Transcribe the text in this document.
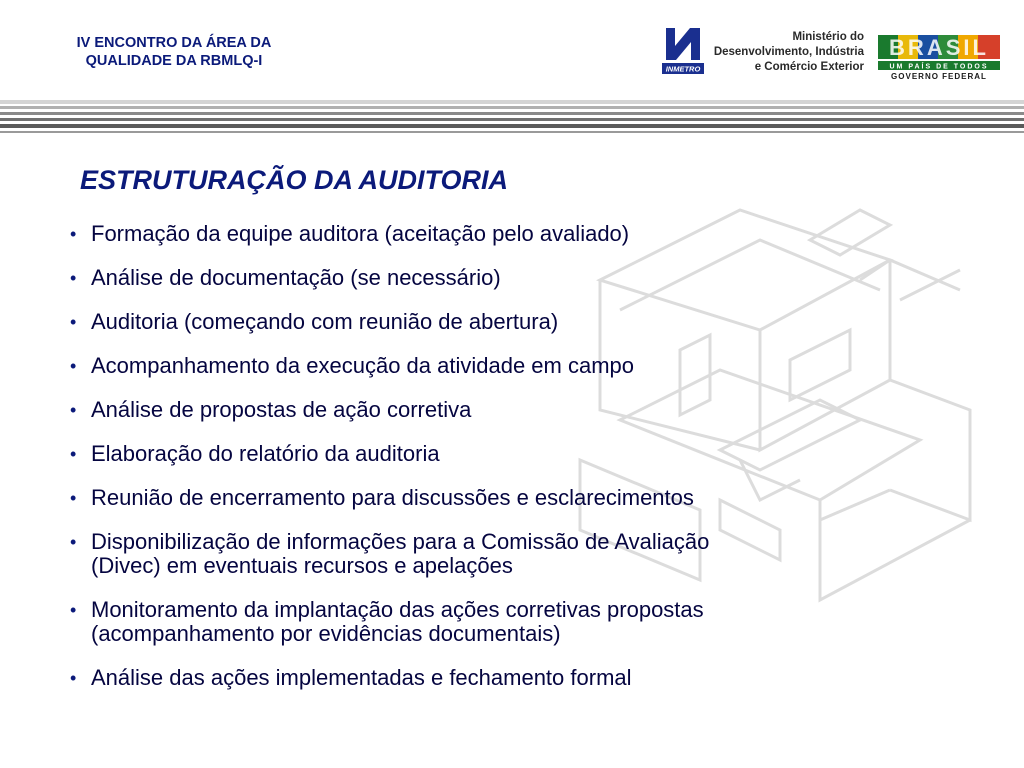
IV ENCONTRO DA ÁREA DA
QUALIDADE DA RBMLQ-I	INMETRO
Ministério do
Desenvolvimento, Indústria
e Comércio Exterior
BRASIL
UM PAÍS DE TODOS
GOVERNO FEDERAL
ESTRUTURAÇÃO DA AUDITORIA
• Formação da equipe auditora (aceitação pelo avaliado)
• Análise de documentação (se necessário)
• Auditoria (começando com reunião de abertura)
• Acompanhamento da execução da atividade em campo
• Análise de propostas de ação corretiva
• Elaboração do relatório da auditoria
• Reunião de encerramento para discussões e esclarecimentos
• Disponibilização de informações para a Comissão de Avaliação
(Divec) em eventuais recursos e apelações
• Monitoramento da implantação das ações corretivas propostas
(acompanhamento por evidências documentais)
• Análise das ações implementadas e fechamento formal
